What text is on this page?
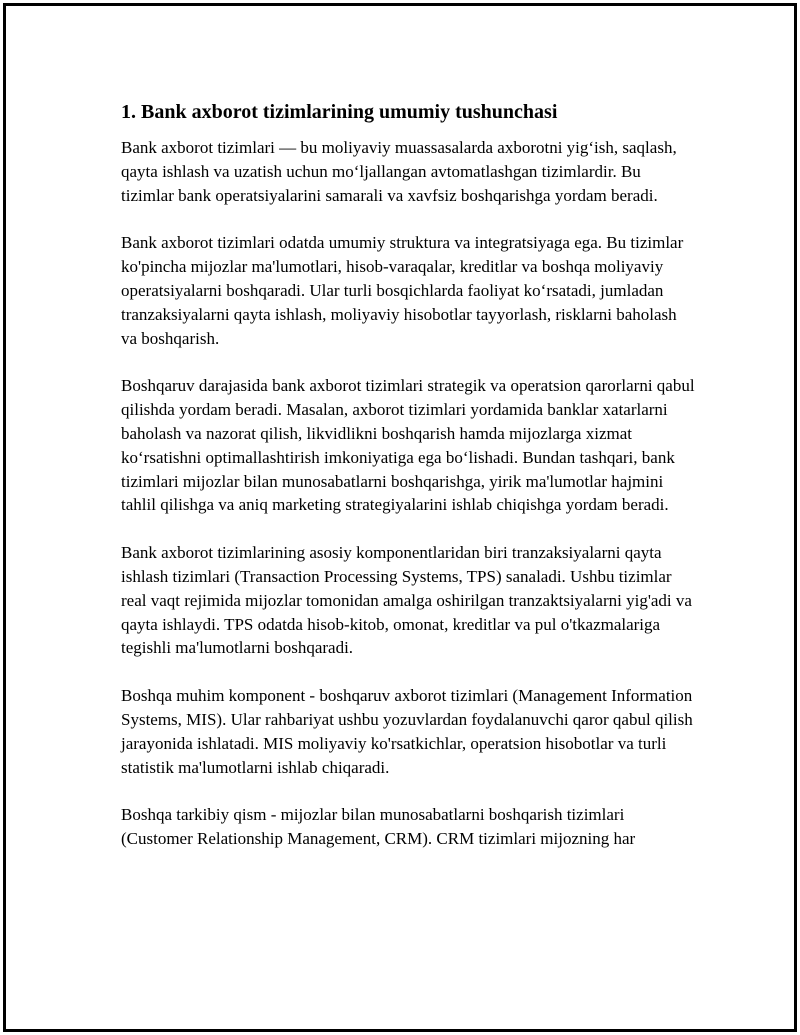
1. Bank axborot tizimlarining umumiy tushunchasi

Bank axborot tizimlari — bu moliyaviy muassasalarda axborotni yig‘ish, saqlash, qayta ishlash va uzatish uchun mo‘ljallangan avtomatlashgan tizimlardir. Bu tizimlar bank operatsiyalarini samarali va xavfsiz boshqarishga yordam beradi.

Bank axborot tizimlari odatda umumiy struktura va integratsiyaga ega. Bu tizimlar ko'pincha mijozlar ma'lumotlari, hisob-varaqalar, kreditlar va boshqa moliyaviy operatsiyalarni boshqaradi. Ular turli bosqichlarda faoliyat ko‘rsatadi, jumladan tranzaksiyalarni qayta ishlash, moliyaviy hisobotlar tayyorlash, risklarni baholash va boshqarish.

Boshqaruv darajasida bank axborot tizimlari strategik va operatsion qarorlarni qabul qilishda yordam beradi. Masalan, axborot tizimlari yordamida banklar xatarlarni baholash va nazorat qilish, likvidlikni boshqarish hamda mijozlarga xizmat ko‘rsatishni optimallashtirish imkoniyatiga ega bo‘lishadi. Bundan tashqari, bank tizimlari mijozlar bilan munosabatlarni boshqarishga, yirik ma'lumotlar hajmini tahlil qilishga va aniq marketing strategiyalarini ishlab chiqishga yordam beradi.

Bank axborot tizimlarining asosiy komponentlaridan biri tranzaksiyalarni qayta ishlash tizimlari (Transaction Processing Systems, TPS) sanaladi. Ushbu tizimlar real vaqt rejimida mijozlar tomonidan amalga oshirilgan tranzaktsiyalarni yig'adi va qayta ishlaydi. TPS odatda hisob-kitob, omonat, kreditlar va pul o'tkazmalariga tegishli ma'lumotlarni boshqaradi.

Boshqa muhim komponent - boshqaruv axborot tizimlari (Management Information Systems, MIS). Ular rahbariyat ushbu yozuvlardan foydalanuvchi qaror qabul qilish jarayonida ishlatadi. MIS moliyaviy ko'rsatkichlar, operatsion hisobotlar va turli statistik ma'lumotlarni ishlab chiqaradi.

Boshqa tarkibiy qism - mijozlar bilan munosabatlarni boshqarish tizimlari (Customer Relationship Management, CRM). CRM tizimlari mijozning har
